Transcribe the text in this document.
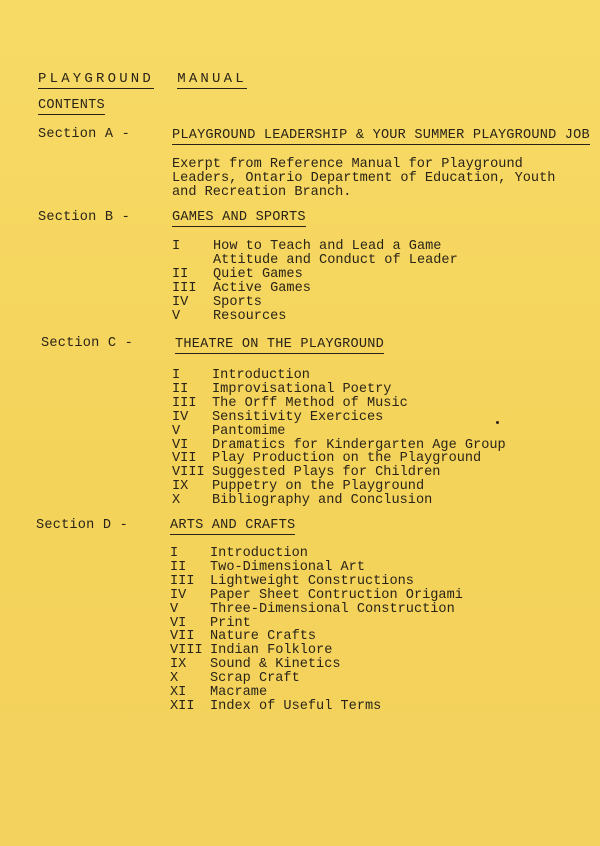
PLAYGROUND MANUAL
CONTENTS
Section A -	PLAYGROUND LEADERSHIP & YOUR SUMMER PLAYGROUND JOB
Exerpt from Reference Manual for Playground
Leaders, Ontario Department of Education, Youth
and Recreation Branch.
Section B -	GAMES AND SPORTS
I How to Teach and Lead a Game
Attitude and Conduct of Leader
II Quiet Games
III Active Games
IV Sports
V Resources
Section C -	THEATRE ON THE PLAYGROUND
I Introduction
II Improvisational Poetry
III The Orff Method of Music
IV Sensitivity Exercices
V Pantomime
VI Dramatics for Kindergarten Age Group
VII Play Production on the Playground
VIII Suggested Plays for Children
IX Puppetry on the Playground
X Bibliography and Conclusion
Section D -	ARTS AND CRAFTS
I Introduction
II Two-Dimensional Art
III Lightweight Constructions
IV Paper Sheet Contruction Origami
V Three-Dimensional Construction
VI Print
VII Nature Crafts
VIII Indian Folklore
IX Sound & Kinetics
X Scrap Craft
XI Macrame
XII Index of Useful Terms
